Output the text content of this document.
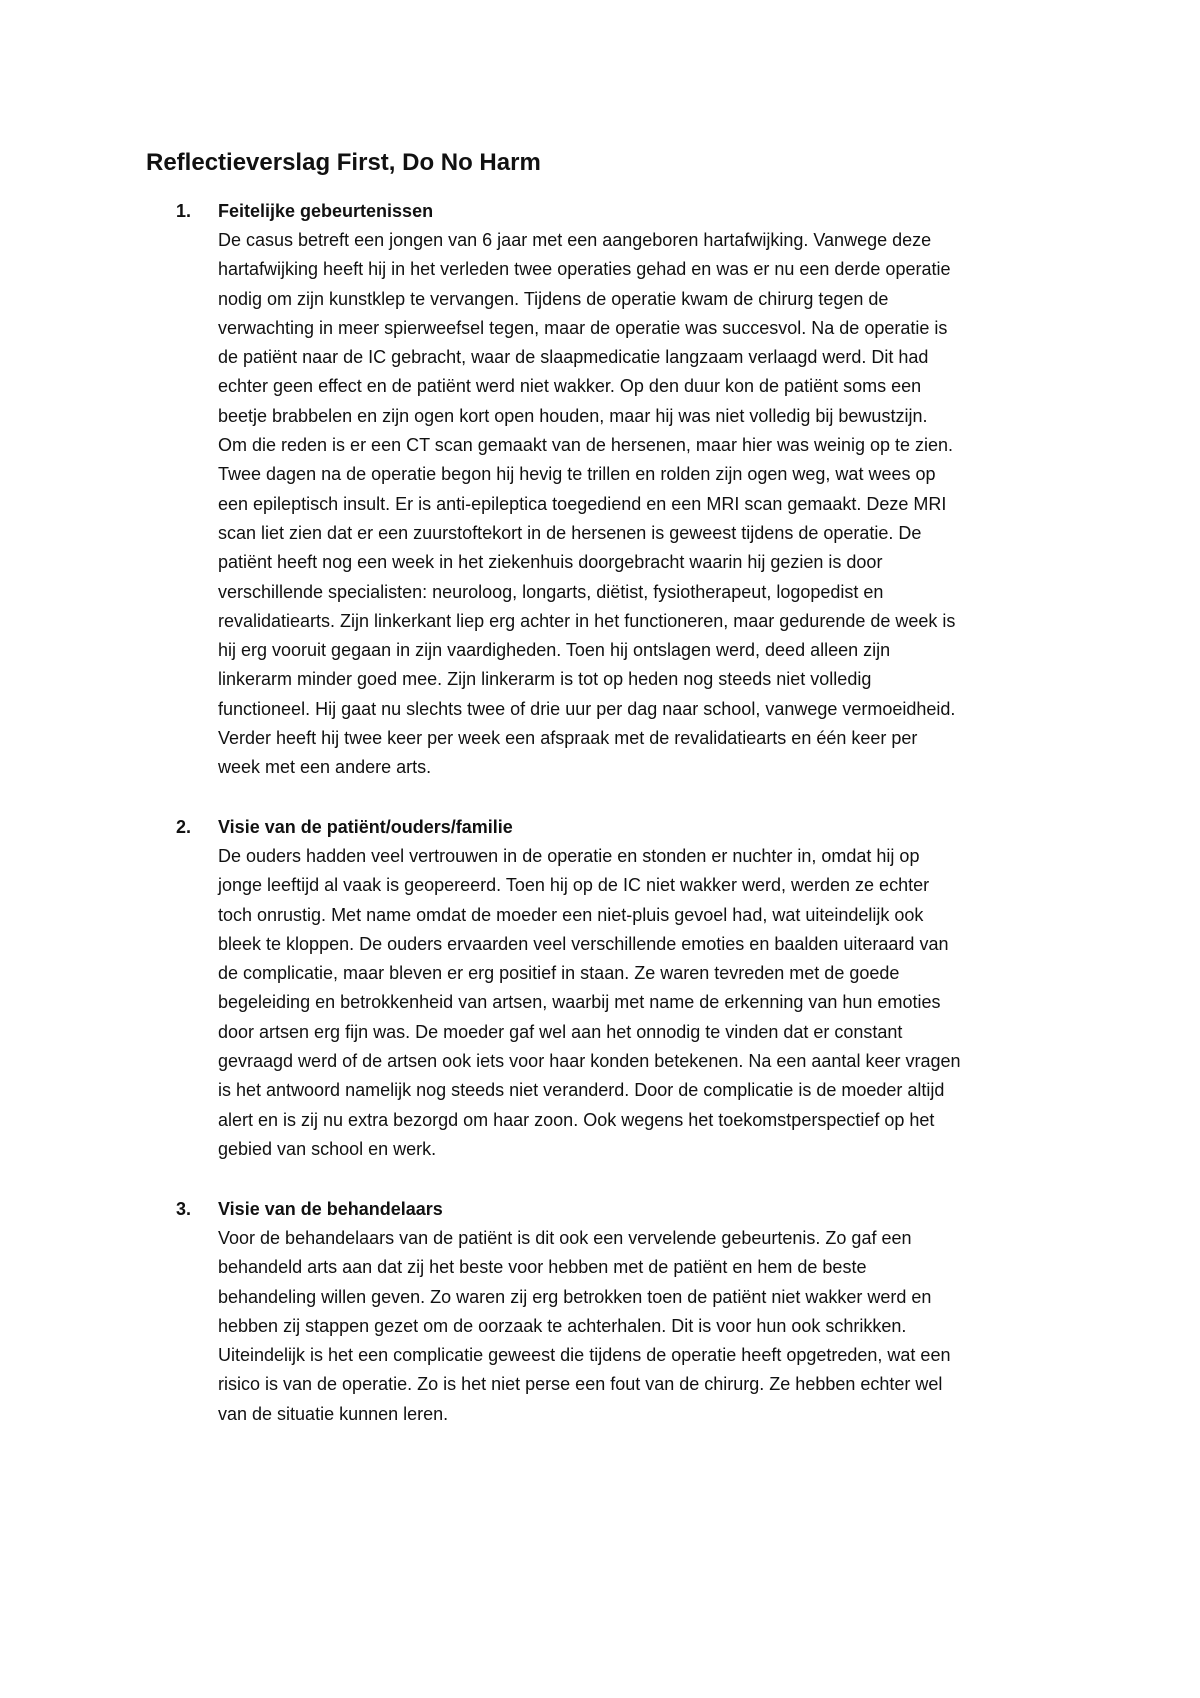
Reflectieverslag First, Do No Harm
1. Feitelijke gebeurtenissen
De casus betreft een jongen van 6 jaar met een aangeboren hartafwijking. Vanwege deze
hartafwijking heeft hij in het verleden twee operaties gehad en was er nu een derde operatie
nodig om zijn kunstklep te vervangen. Tijdens de operatie kwam de chirurg tegen de
verwachting in meer spierweefsel tegen, maar de operatie was succesvol. Na de operatie is
de patiënt naar de IC gebracht, waar de slaapmedicatie langzaam verlaagd werd. Dit had
echter geen effect en de patiënt werd niet wakker. Op den duur kon de patiënt soms een
beetje brabbelen en zijn ogen kort open houden, maar hij was niet volledig bij bewustzijn.
Om die reden is er een CT scan gemaakt van de hersenen, maar hier was weinig op te zien.
Twee dagen na de operatie begon hij hevig te trillen en rolden zijn ogen weg, wat wees op
een epileptisch insult. Er is anti-epileptica toegediend en een MRI scan gemaakt. Deze MRI
scan liet zien dat er een zuurstoftekort in de hersenen is geweest tijdens de operatie. De
patiënt heeft nog een week in het ziekenhuis doorgebracht waarin hij gezien is door
verschillende specialisten: neuroloog, longarts, diëtist, fysiotherapeut, logopedist en
revalidatiearts. Zijn linkerkant liep erg achter in het functioneren, maar gedurende de week is
hij erg vooruit gegaan in zijn vaardigheden. Toen hij ontslagen werd, deed alleen zijn
linkerarm minder goed mee. Zijn linkerarm is tot op heden nog steeds niet volledig
functioneel. Hij gaat nu slechts twee of drie uur per dag naar school, vanwege vermoeidheid.
Verder heeft hij twee keer per week een afspraak met de revalidatiearts en één keer per
week met een andere arts.
2. Visie van de patiënt/ouders/familie
De ouders hadden veel vertrouwen in de operatie en stonden er nuchter in, omdat hij op
jonge leeftijd al vaak is geopereerd. Toen hij op de IC niet wakker werd, werden ze echter
toch onrustig. Met name omdat de moeder een niet-pluis gevoel had, wat uiteindelijk ook
bleek te kloppen. De ouders ervaarden veel verschillende emoties en baalden uiteraard van
de complicatie, maar bleven er erg positief in staan. Ze waren tevreden met de goede
begeleiding en betrokkenheid van artsen, waarbij met name de erkenning van hun emoties
door artsen erg fijn was. De moeder gaf wel aan het onnodig te vinden dat er constant
gevraagd werd of de artsen ook iets voor haar konden betekenen. Na een aantal keer vragen
is het antwoord namelijk nog steeds niet veranderd. Door de complicatie is de moeder altijd
alert en is zij nu extra bezorgd om haar zoon. Ook wegens het toekomstperspectief op het
gebied van school en werk.
3. Visie van de behandelaars
Voor de behandelaars van de patiënt is dit ook een vervelende gebeurtenis. Zo gaf een
behandeld arts aan dat zij het beste voor hebben met de patiënt en hem de beste
behandeling willen geven. Zo waren zij erg betrokken toen de patiënt niet wakker werd en
hebben zij stappen gezet om de oorzaak te achterhalen. Dit is voor hun ook schrikken.
Uiteindelijk is het een complicatie geweest die tijdens de operatie heeft opgetreden, wat een
risico is van de operatie. Zo is het niet perse een fout van de chirurg. Ze hebben echter wel
van de situatie kunnen leren.
